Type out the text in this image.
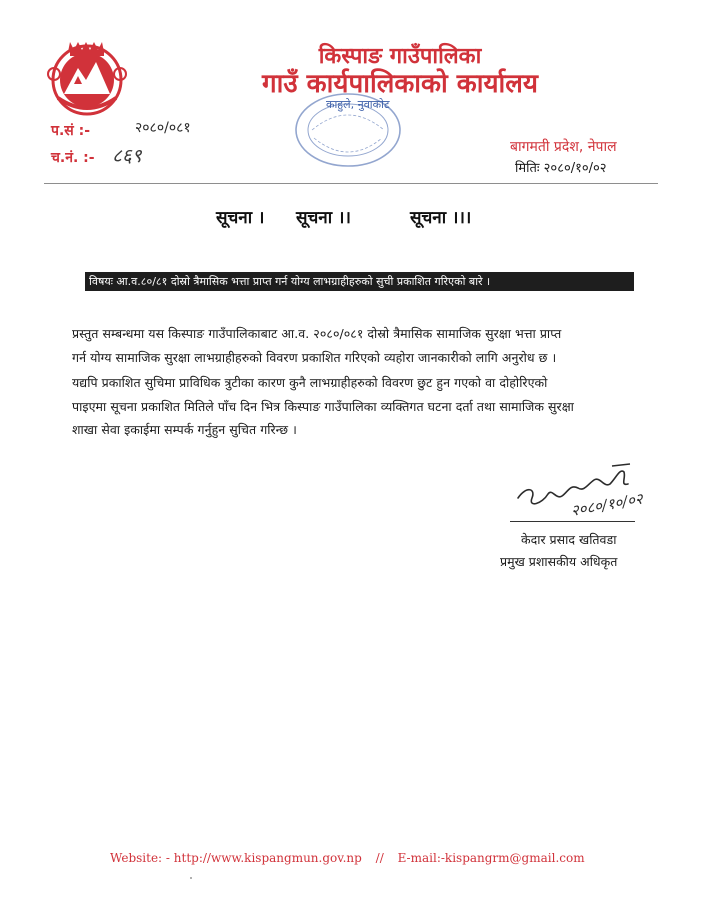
किस्पाङ गाउँपालिका
गाउँ कार्यपालिकाको कार्यालय
काहुले, नुवाकोट
प.सं :-	२०८०/०८१
च.नं. :- ८६९	बागमती प्रदेश, नेपाल
मितिः २०८०/१०/०२
सूचना । सूचना ।।	सूचना ।।।
विषयः आ.व.८०/८१ दोस्रो त्रैमासिक भत्ता प्राप्त गर्न योग्य लाभग्राहीहरुको सुची प्रकाशित गरिएको बारे ।
प्रस्तुत सम्बन्धमा यस किस्पाङ गाउँपालिकाबाट आ.व. २०८०/०८१ दोस्रो त्रैमासिक सामाजिक सुरक्षा भत्ता प्राप्त
गर्न योग्य सामाजिक सुरक्षा लाभग्राहीहरुको विवरण प्रकाशित गरिएको व्यहोरा जानकारीको लागि अनुरोध छ ।
यद्यपि प्रकाशित सुचिमा प्राविधिक त्रुटीका कारण कुनै लाभग्राहीहरुको विवरण छुट हुन गएको वा दोहोरिएको
पाइएमा सूचना प्रकाशित मितिले पाँच दिन भित्र किस्पाङ गाउँपालिका व्यक्तिगत घटना दर्ता तथा सामाजिक सुरक्षा
शाखा सेवा इकाईमा सम्पर्क गर्नुहुन सुचित गरिन्छ ।
२०८०/१०/०२
केदार प्रसाद खतिवडा
प्रमुख प्रशासकीय अधिकृत
Website: - http://www.kispangmun.gov.np // E-mail:-kispangrm@gmail.com
